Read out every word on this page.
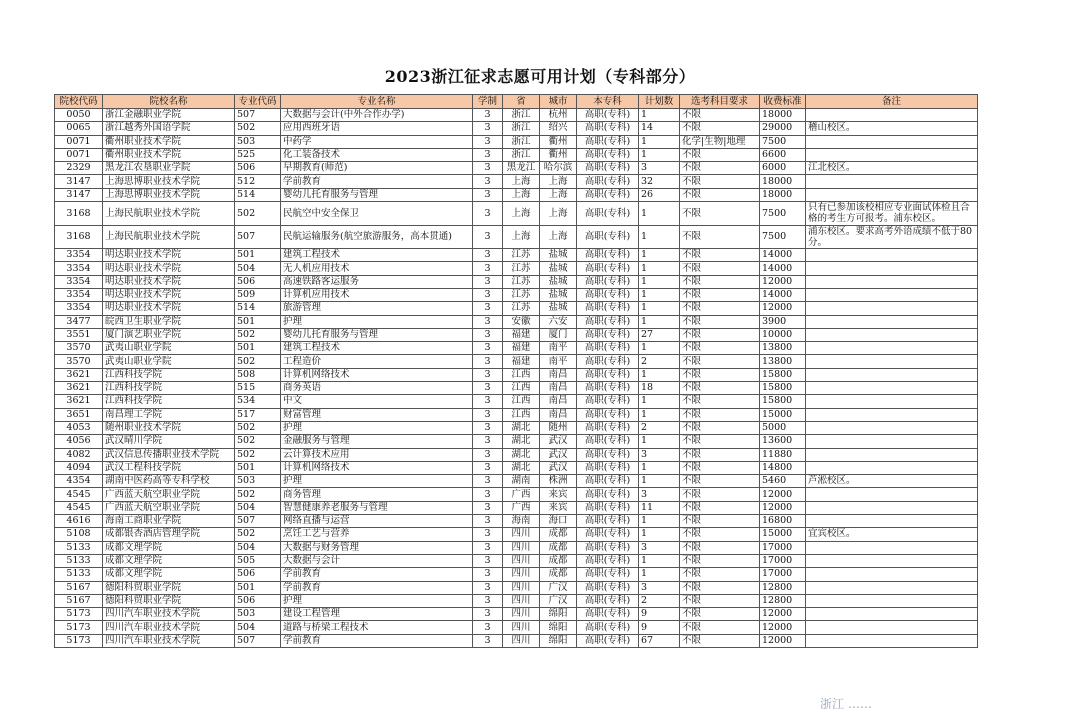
2023浙江征求志愿可用计划（专科部分）
院校代码	院校名称	专业代码	专业名称	学制	省	城市	本专科	计划数	选考科目要求	收费标准	备注
0050	浙江金融职业学院	507	大数据与会计(中外合作办学)	3	浙江	杭州	高职(专科)	1	不限	18000	
0065	浙江越秀外国语学院	502	应用西班牙语	3	浙江	绍兴	高职(专科)	14	不限	29000	稽山校区。
0071	衢州职业技术学院	503	中药学	3	浙江	衢州	高职(专科)	1	化学|生物|地理	7500	
0071	衢州职业技术学院	525	化工装备技术	3	浙江	衢州	高职(专科)	1	不限	6600	
2329	黑龙江农垦职业学院	506	早期教育(师范)	3	黑龙江	哈尔滨	高职(专科)	3	不限	6000	江北校区。
3147	上海思博职业技术学院	512	学前教育	3	上海	上海	高职(专科)	32	不限	18000	
3147	上海思博职业技术学院	514	婴幼儿托育服务与管理	3	上海	上海	高职(专科)	26	不限	18000	
3168	上海民航职业技术学院	502	民航空中安全保卫	3	上海	上海	高职(专科)	1	不限	7500	只有已参加该校相应专业面试体检且合格的考生方可报考。浦东校区。
3168	上海民航职业技术学院	507	民航运输服务(航空旅游服务，高本贯通)	3	上海	上海	高职(专科)	1	不限	7500	浦东校区。要求高考外语成绩不低于80分。
3354	明达职业技术学院	501	建筑工程技术	3	江苏	盐城	高职(专科)	1	不限	14000	
3354	明达职业技术学院	504	无人机应用技术	3	江苏	盐城	高职(专科)	1	不限	14000	
3354	明达职业技术学院	506	高速铁路客运服务	3	江苏	盐城	高职(专科)	1	不限	12000	
3354	明达职业技术学院	509	计算机应用技术	3	江苏	盐城	高职(专科)	1	不限	14000	
3354	明达职业技术学院	514	旅游管理	3	江苏	盐城	高职(专科)	1	不限	12000	
3477	皖西卫生职业学院	501	护理	3	安徽	六安	高职(专科)	1	不限	3900	
3551	厦门演艺职业学院	502	婴幼儿托育服务与管理	3	福建	厦门	高职(专科)	27	不限	10000	
3570	武夷山职业学院	501	建筑工程技术	3	福建	南平	高职(专科)	1	不限	13800	
3570	武夷山职业学院	502	工程造价	3	福建	南平	高职(专科)	2	不限	13800	
3621	江西科技学院	508	计算机网络技术	3	江西	南昌	高职(专科)	1	不限	15800	
3621	江西科技学院	515	商务英语	3	江西	南昌	高职(专科)	18	不限	15800	
3621	江西科技学院	534	中文	3	江西	南昌	高职(专科)	1	不限	15800	
3651	南昌理工学院	517	财富管理	3	江西	南昌	高职(专科)	1	不限	15000	
4053	随州职业技术学院	502	护理	3	湖北	随州	高职(专科)	2	不限	5000	
4056	武汉晴川学院	502	金融服务与管理	3	湖北	武汉	高职(专科)	1	不限	13600	
4082	武汉信息传播职业技术学院	502	云计算技术应用	3	湖北	武汉	高职(专科)	3	不限	11880	
4094	武汉工程科技学院	501	计算机网络技术	3	湖北	武汉	高职(专科)	1	不限	14800	
4354	湖南中医药高等专科学校	503	护理	3	湖南	株洲	高职(专科)	1	不限	5460	芦淞校区。
4545	广西蓝天航空职业学院	502	商务管理	3	广西	来宾	高职(专科)	3	不限	12000	
4545	广西蓝天航空职业学院	504	智慧健康养老服务与管理	3	广西	来宾	高职(专科)	11	不限	12000	
4616	海南工商职业学院	507	网络直播与运营	3	海南	海口	高职(专科)	1	不限	16800	
5108	成都银杏酒店管理学院	502	烹饪工艺与营养	3	四川	成都	高职(专科)	1	不限	15000	宜宾校区。
5133	成都文理学院	504	大数据与财务管理	3	四川	成都	高职(专科)	3	不限	17000	
5133	成都文理学院	505	大数据与会计	3	四川	成都	高职(专科)	1	不限	17000	
5133	成都文理学院	506	学前教育	3	四川	成都	高职(专科)	1	不限	17000	
5167	德阳科贸职业学院	501	学前教育	3	四川	广汉	高职(专科)	3	不限	12800	
5167	德阳科贸职业学院	506	护理	3	四川	广汉	高职(专科)	2	不限	12800	
5173	四川汽车职业技术学院	503	建设工程管理	3	四川	绵阳	高职(专科)	9	不限	12000	
5173	四川汽车职业技术学院	504	道路与桥梁工程技术	3	四川	绵阳	高职(专科)	9	不限	12000	
5173	四川汽车职业技术学院	507	学前教育	3	四川	绵阳	高职(专科)	67	不限	12000	
浙江 ……
